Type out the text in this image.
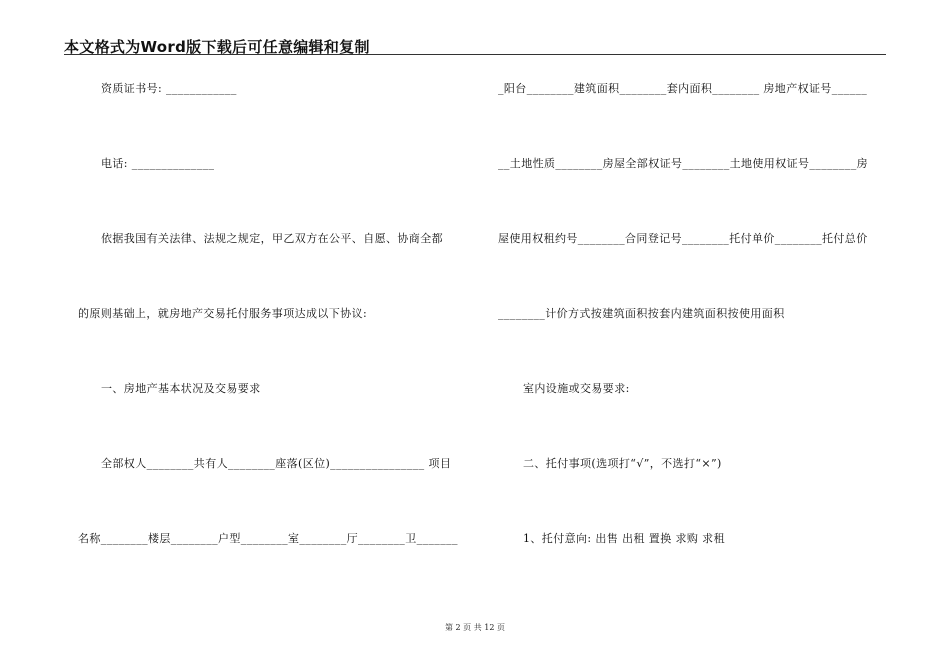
本文格式为Word版下载后可任意编辑和复制
资质证书号: ____________
电话: ______________
依据我国有关法律、法规之规定，甲乙双方在公平、自愿、协商全都
的原则基础上，就房地产交易托付服务事项达成以下协议:
一、房地产基本状况及交易要求
全部权人________共有人________座落(区位)________________ 项目
名称________楼层________户型________室________厅________卫_______
_阳台________建筑面积________套内面积________ 房地产权证号______
__土地性质________房屋全部权证号________土地使用权证号________房
屋使用权租约号________合同登记号________托付单价________托付总价
________计价方式按建筑面积按套内建筑面积按使用面积
室内设施或交易要求:
二、托付事项(选项打“√”，不选打“×”)
1、托付意向: 出售 出租 置换 求购 求租
第 2 页 共 12 页
